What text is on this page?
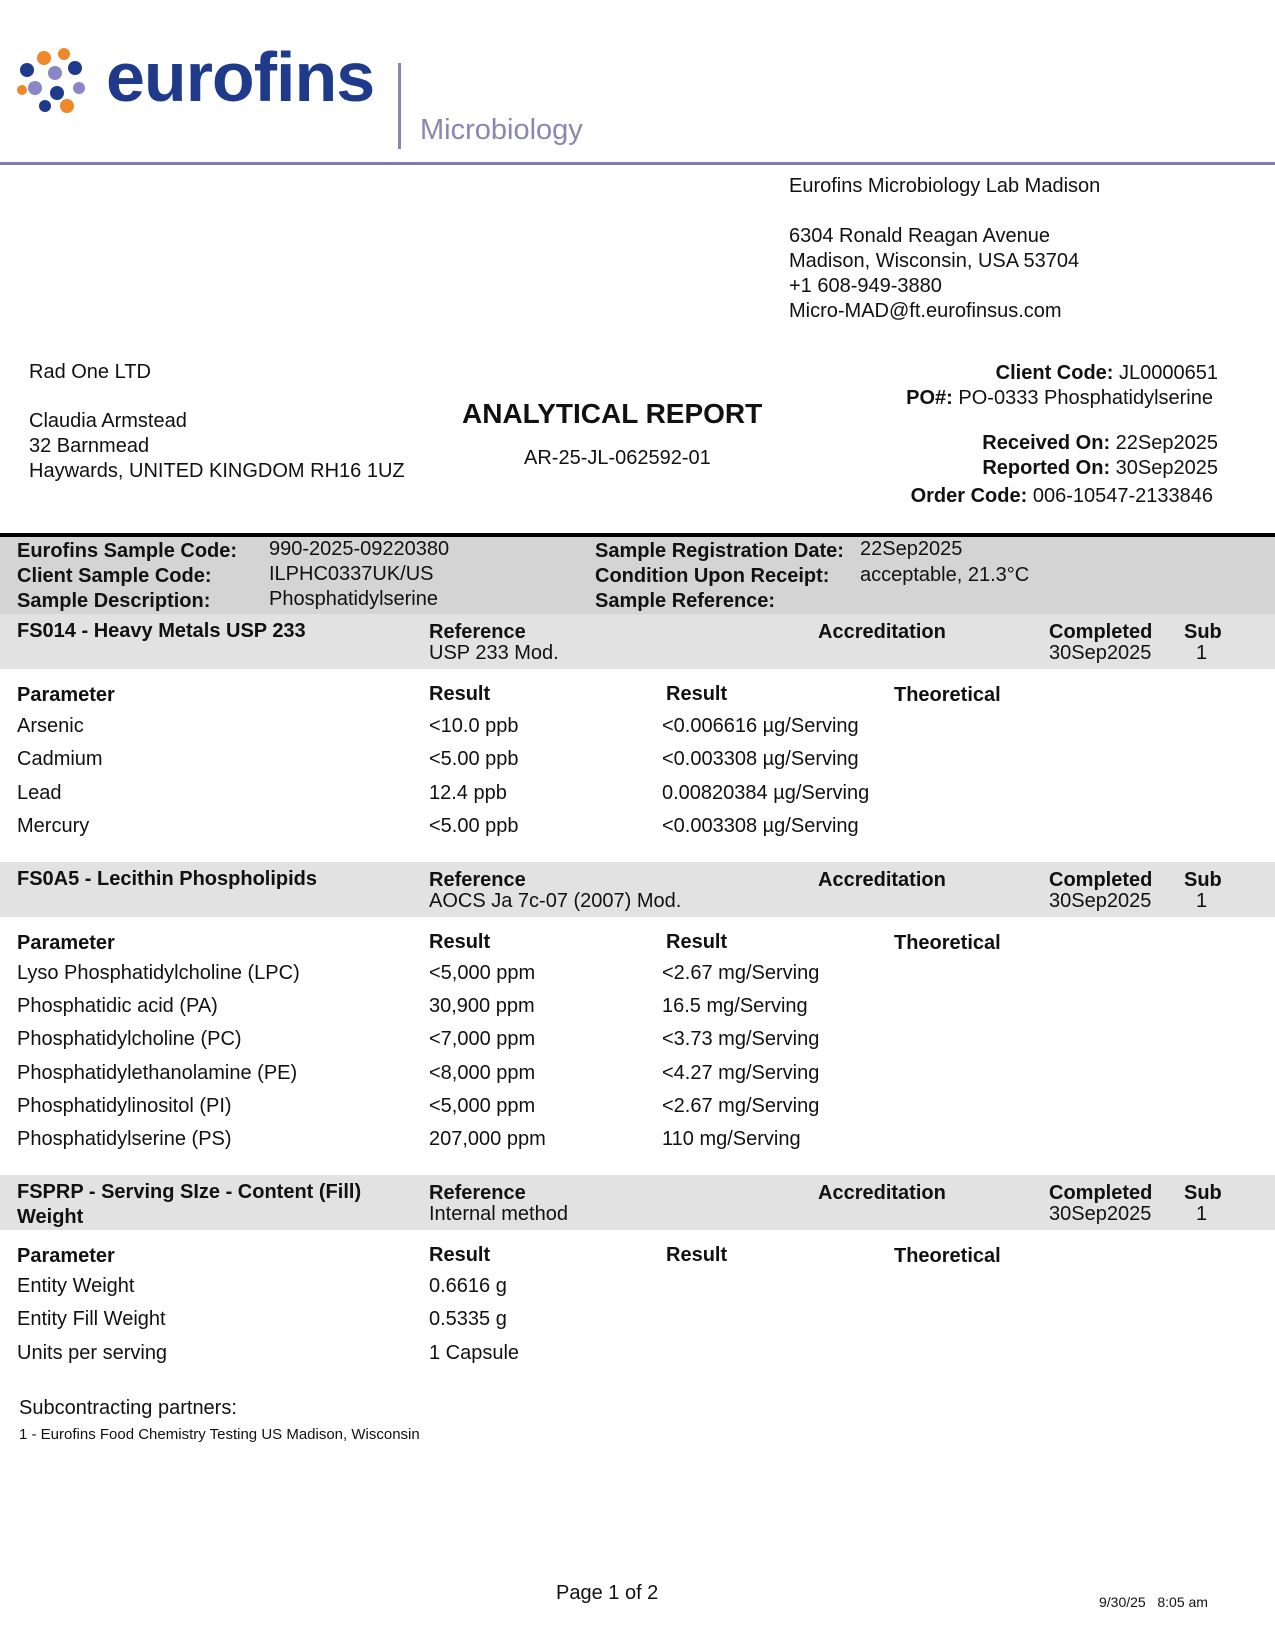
eurofins
Microbiology
Eurofins Microbiology Lab Madison
6304 Ronald Reagan Avenue
Madison, Wisconsin, USA 53704
+1 608-949-3880
Micro-MAD@ft.eurofinsus.com
Rad One LTD
Claudia Armstead
32 Barnmead
Haywards, UNITED KINGDOM RH16 1UZ
ANALYTICAL REPORT
AR-25-JL-062592-01
Client Code: JL0000651
PO#: PO-0333 Phosphatidylserine
Received On: 22Sep2025
Reported On: 30Sep2025
Order Code: 006-10547-2133846
Eurofins Sample Code: 990-2025-09220380
Client Sample Code:	ILPHC0337UK/US
Sample Description:	Phosphatidylserine
Sample Registration Date: 22Sep2025
Condition Upon Receipt: acceptable, 21.3°C
Sample Reference:
FS014 - Heavy Metals USP 233	Reference
USP 233 Mod.
Accreditation	Completed
30Sep2025
Sub
1
Parameter	Result	Result	Theoretical
Arsenic	<10.0 ppb	<0.006616 µg/Serving
Cadmium	<5.00 ppb	<0.003308 µg/Serving
Lead	12.4 ppb	0.00820384 µg/Serving
Mercury	<5.00 ppb	<0.003308 µg/Serving
FS0A5 - Lecithin Phospholipids	Reference
AOCS Ja 7c-07 (2007) Mod.
Accreditation	Completed
30Sep2025
Sub
1
Parameter	Result	Result	Theoretical
Lyso Phosphatidylcholine (LPC)	<5,000 ppm	<2.67 mg/Serving
Phosphatidic acid (PA)	30,900 ppm	16.5 mg/Serving
Phosphatidylcholine (PC)	<7,000 ppm	<3.73 mg/Serving
Phosphatidylethanolamine (PE)	<8,000 ppm	<4.27 mg/Serving
Phosphatidylinositol (PI)	<5,000 ppm	<2.67 mg/Serving
Phosphatidylserine (PS)	207,000 ppm	110 mg/Serving
FSPRP - Serving SIze - Content (Fill)
Weight
Reference
Internal method
Accreditation	Completed
30Sep2025
Sub
1
Parameter	Result	Result	Theoretical
Entity Weight	0.6616 g
Entity Fill Weight	0.5335 g
Units per serving	1 Capsule
Subcontracting partners:
1 - Eurofins Food Chemistry Testing US Madison, Wisconsin
Page 1 of 2	9/30/25   8:05 am
